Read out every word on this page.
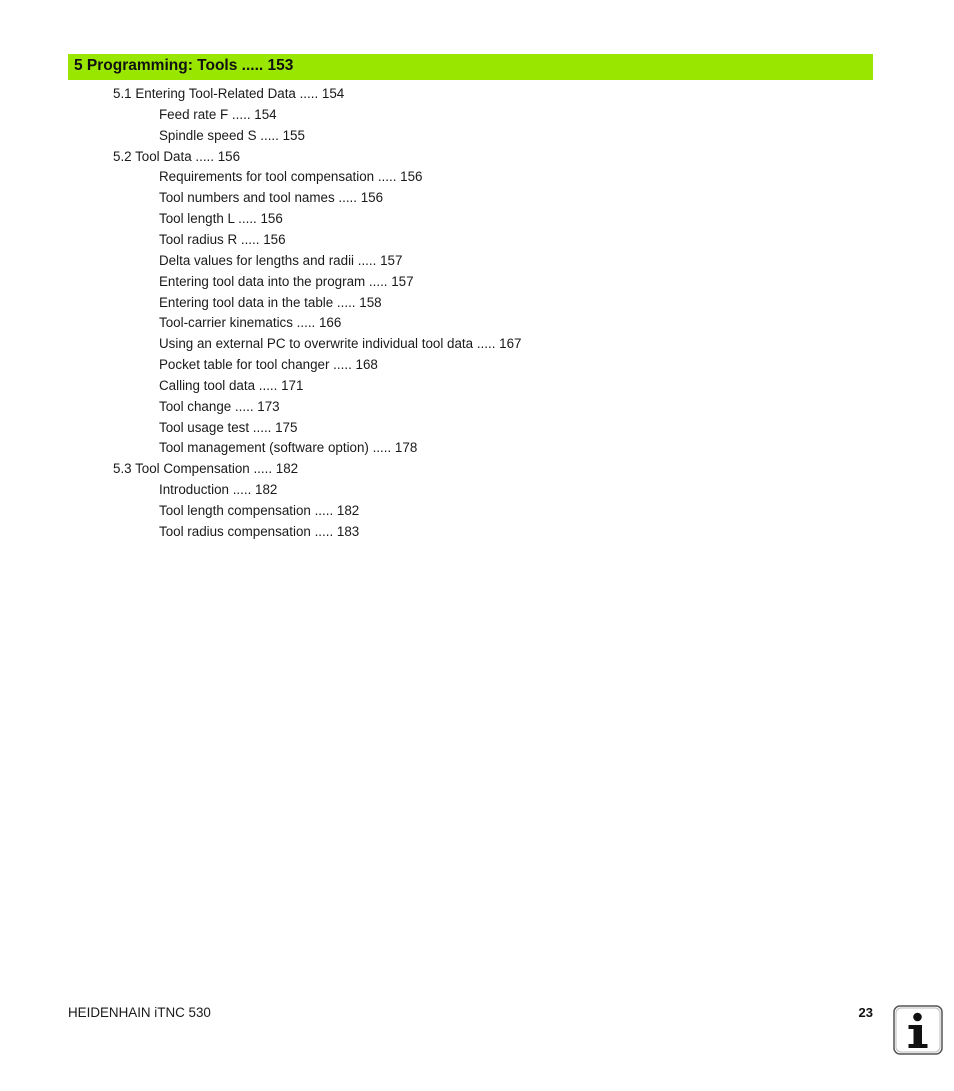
5 Programming: Tools ..... 153
5.1 Entering Tool-Related Data ..... 154
Feed rate F ..... 154
Spindle speed S ..... 155
5.2 Tool Data ..... 156
Requirements for tool compensation ..... 156
Tool numbers and tool names ..... 156
Tool length L ..... 156
Tool radius R ..... 156
Delta values for lengths and radii ..... 157
Entering tool data into the program ..... 157
Entering tool data in the table ..... 158
Tool-carrier kinematics ..... 166
Using an external PC to overwrite individual tool data ..... 167
Pocket table for tool changer ..... 168
Calling tool data ..... 171
Tool change ..... 173
Tool usage test ..... 175
Tool management (software option) ..... 178
5.3 Tool Compensation ..... 182
Introduction ..... 182
Tool length compensation ..... 182
Tool radius compensation ..... 183
HEIDENHAIN iTNC 530	23
